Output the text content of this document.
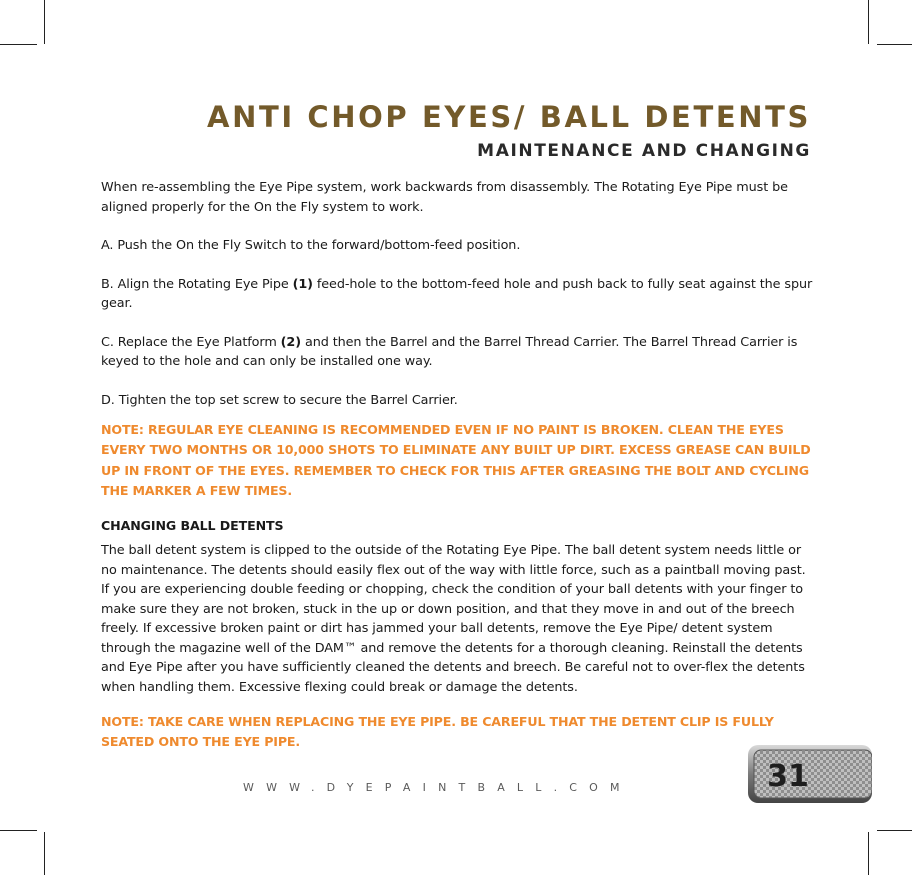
ANTI CHOP EYES/ BALL DETENTS
MAINTENANCE AND CHANGING

When re-assembling the Eye Pipe system, work backwards from disassembly. The Rotating Eye Pipe must be aligned properly for the On the Fly system to work.

A. Push the On the Fly Switch to the forward/bottom-feed position.

B. Align the Rotating Eye Pipe (1) feed-hole to the bottom-feed hole and push back to fully seat against the spur gear.

C. Replace the Eye Platform (2) and then the Barrel and the Barrel Thread Carrier. The Barrel Thread Carrier is keyed to the hole and can only be installed one way.

D. Tighten the top set screw to secure the Barrel Carrier.

NOTE: REGULAR EYE CLEANING IS RECOMMENDED EVEN IF NO PAINT IS BROKEN. CLEAN THE EYES EVERY TWO MONTHS OR 10,000 SHOTS TO ELIMINATE ANY BUILT UP DIRT. EXCESS GREASE CAN BUILD UP IN FRONT OF THE EYES. REMEMBER TO CHECK FOR THIS AFTER GREASING THE BOLT AND CYCLING THE MARKER A FEW TIMES.

CHANGING BALL DETENTS

The ball detent system is clipped to the outside of the Rotating Eye Pipe. The ball detent system needs little or no maintenance. The detents should easily flex out of the way with little force, such as a paintball moving past. If you are experiencing double feeding or chopping, check the condition of your ball detents with your finger to make sure they are not broken, stuck in the up or down position, and that they move in and out of the breech freely. If excessive broken paint or dirt has jammed your ball detents, remove the Eye Pipe/ detent system through the magazine well of the DAM™ and remove the detents for a thorough cleaning. Reinstall the detents and Eye Pipe after you have sufficiently cleaned the detents and breech. Be careful not to over-flex the detents when handling them. Excessive flexing could break or damage the detents.

NOTE: TAKE CARE WHEN REPLACING THE EYE PIPE. BE CAREFUL THAT THE DETENT CLIP IS FULLY SEATED ONTO THE EYE PIPE.

WWW.DYEPAINTBALL.COM	31
